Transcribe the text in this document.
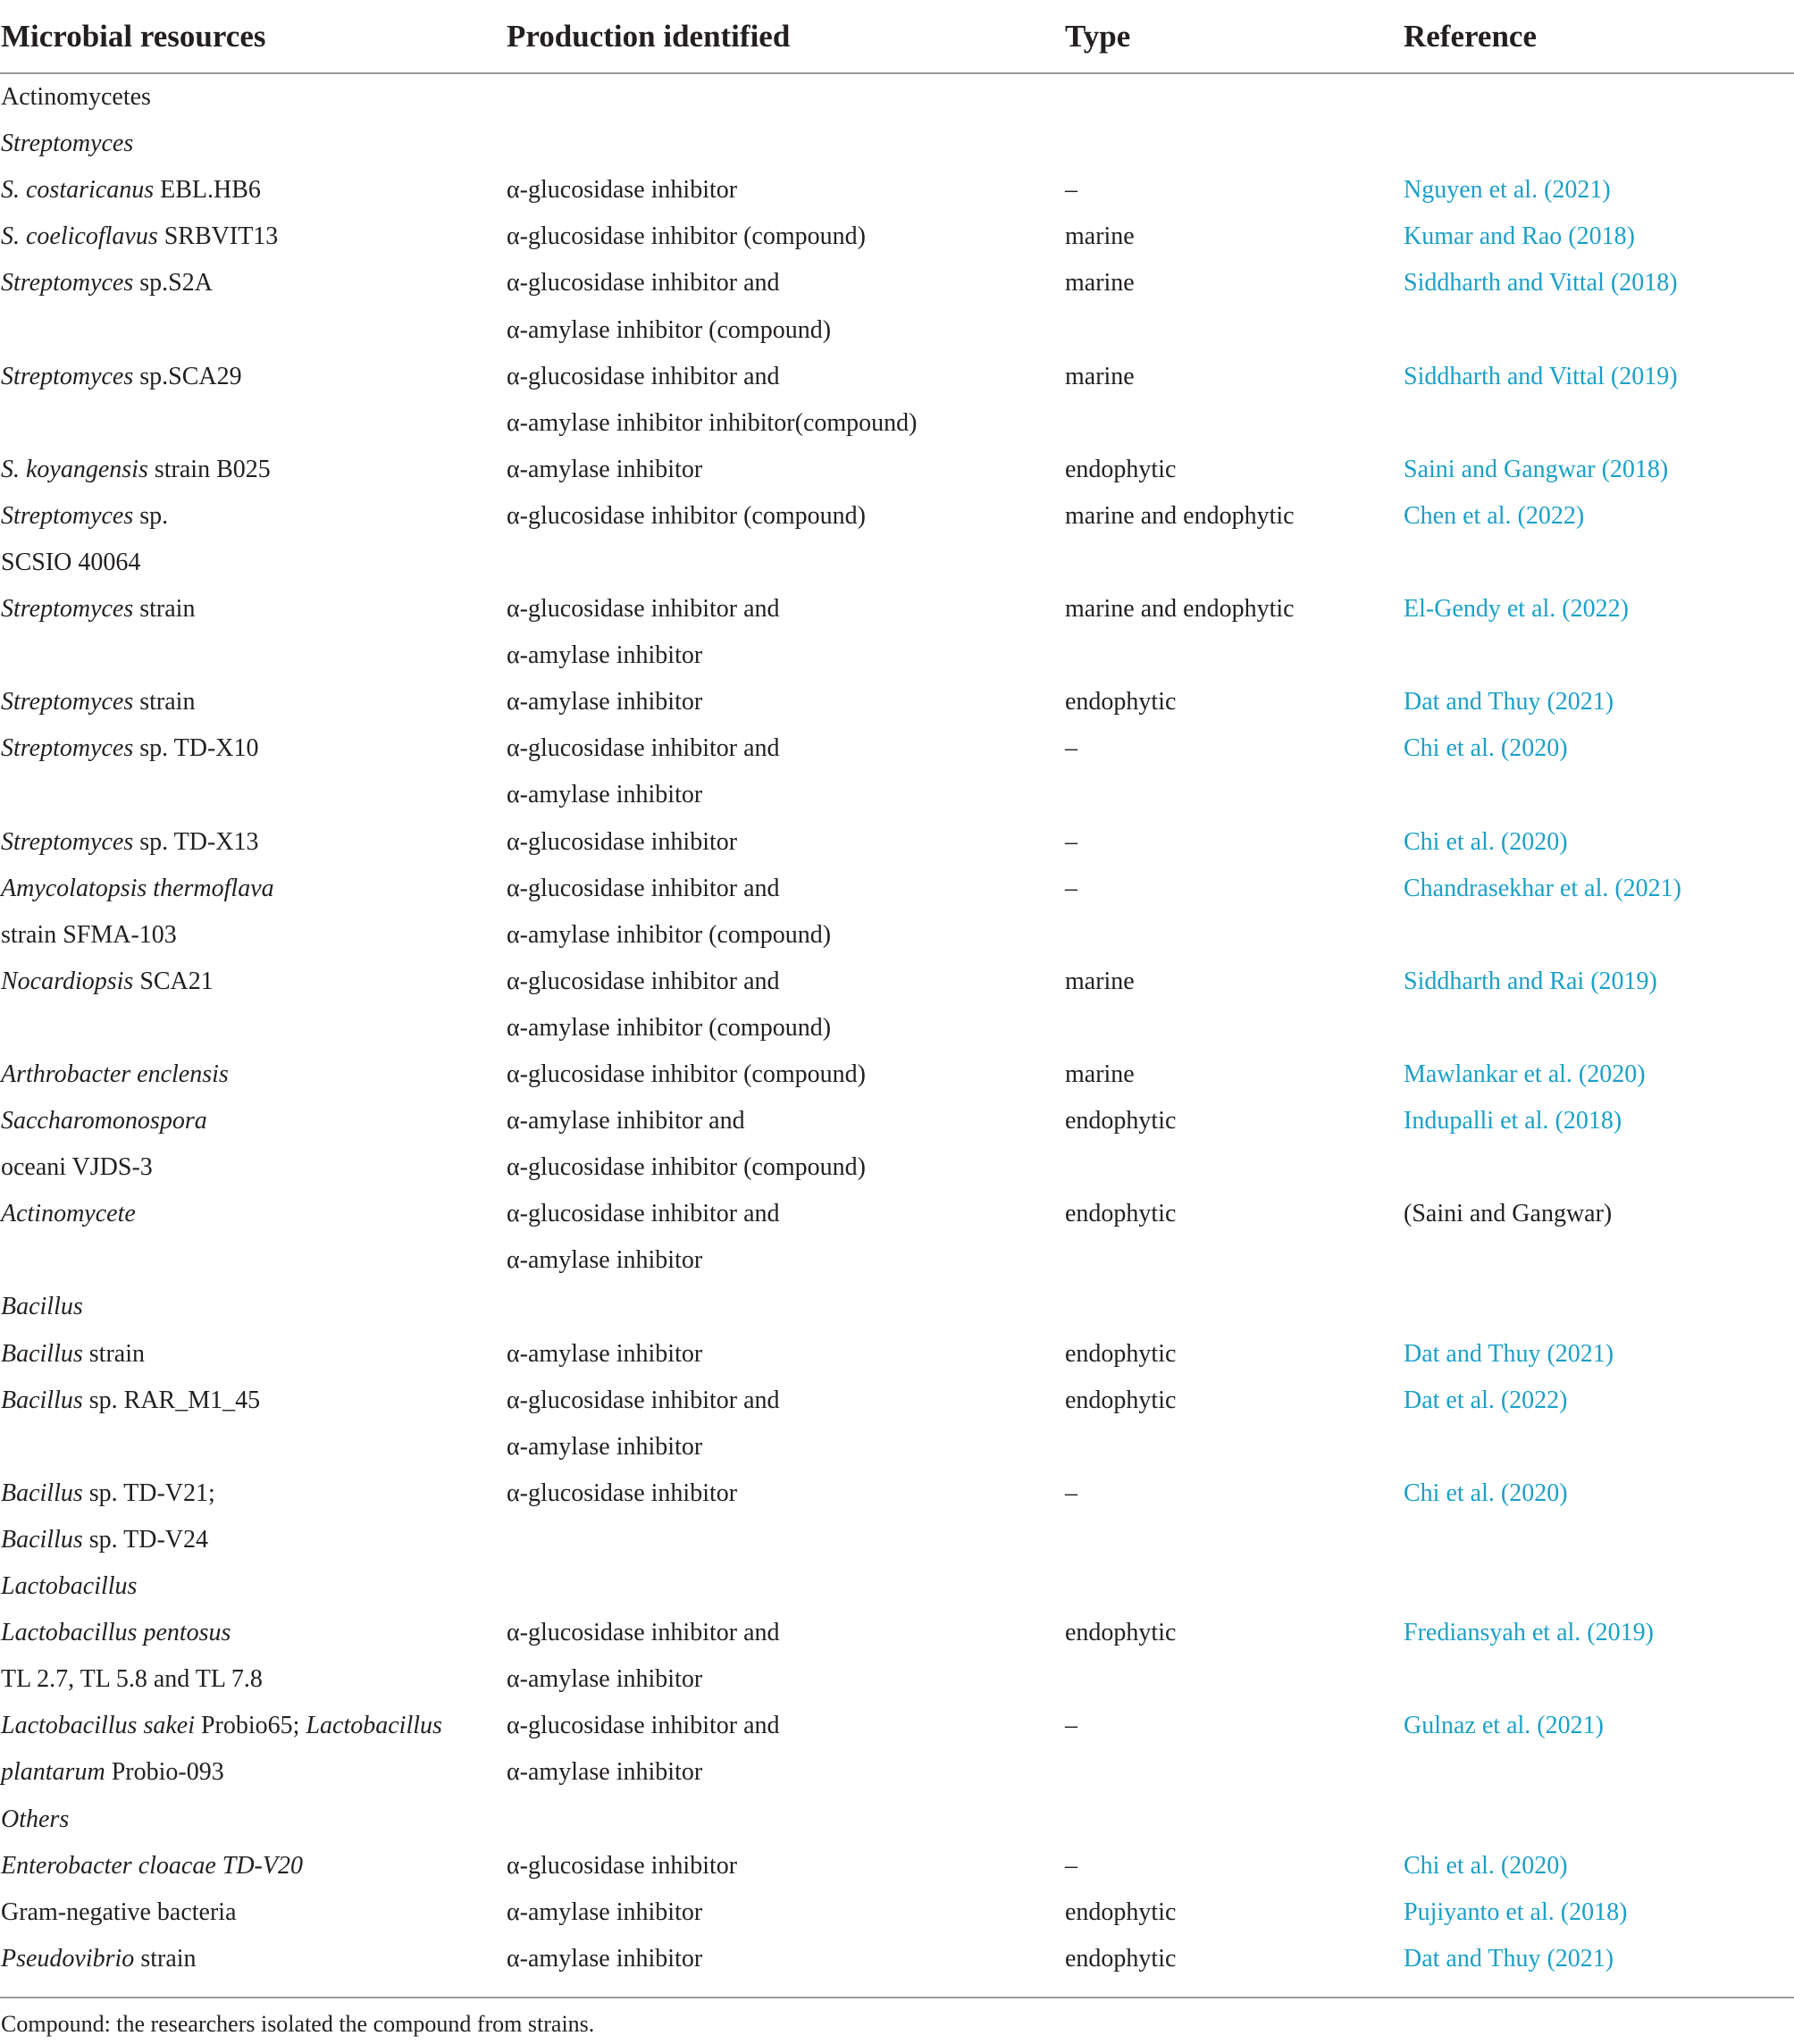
Microbial resources	Production identified	Type	Reference
Actinomycetes			
Streptomyces			
S. costaricanus EBL.HB6	α-glucosidase inhibitor	–	Nguyen et al. (2021)
S. coelicoflavus SRBVIT13	α-glucosidase inhibitor (compound)	marine	Kumar and Rao (2018)
Streptomyces sp.S2A	α-glucosidase inhibitor and	marine	Siddharth and Vittal (2018)
	α-amylase inhibitor (compound)		
Streptomyces sp.SCA29	α-glucosidase inhibitor and	marine	Siddharth and Vittal (2019)
	α-amylase inhibitor inhibitor(compound)		
S. koyangensis strain B025	α-amylase inhibitor	endophytic	Saini and Gangwar (2018)
Streptomyces sp.	α-glucosidase inhibitor (compound)	marine and endophytic	Chen et al. (2022)
SCSIO 40064			
Streptomyces strain	α-glucosidase inhibitor and	marine and endophytic	El-Gendy et al. (2022)
	α-amylase inhibitor		
Streptomyces strain	α-amylase inhibitor	endophytic	Dat and Thuy (2021)
Streptomyces sp. TD-X10	α-glucosidase inhibitor and	–	Chi et al. (2020)
	α-amylase inhibitor		
Streptomyces sp. TD-X13	α-glucosidase inhibitor	–	Chi et al. (2020)
Amycolatopsis thermoflava	α-glucosidase inhibitor and	–	Chandrasekhar et al. (2021)
strain SFMA-103	α-amylase inhibitor (compound)		
Nocardiopsis SCA21	α-glucosidase inhibitor and	marine	Siddharth and Rai (2019)
	α-amylase inhibitor (compound)		
Arthrobacter enclensis	α-glucosidase inhibitor (compound)	marine	Mawlankar et al. (2020)
Saccharomonospora	α-amylase inhibitor and	endophytic	Indupalli et al. (2018)
oceani VJDS-3	α-glucosidase inhibitor (compound)		
Actinomycete	α-glucosidase inhibitor and	endophytic	(Saini and Gangwar)
	α-amylase inhibitor		
Bacillus			
Bacillus strain	α-amylase inhibitor	endophytic	Dat and Thuy (2021)
Bacillus sp. RAR_M1_45	α-glucosidase inhibitor and	endophytic	Dat et al. (2022)
	α-amylase inhibitor		
Bacillus sp. TD-V21;	α-glucosidase inhibitor	–	Chi et al. (2020)
Bacillus sp. TD-V24			
Lactobacillus			
Lactobacillus pentosus	α-glucosidase inhibitor and	endophytic	Frediansyah et al. (2019)
TL 2.7, TL 5.8 and TL 7.8	α-amylase inhibitor		
Lactobacillus sakei Probio65; Lactobacillus	α-glucosidase inhibitor and	–	Gulnaz et al. (2021)
plantarum Probio-093	α-amylase inhibitor		
Others			
Enterobacter cloacae TD-V20	α-glucosidase inhibitor	–	Chi et al. (2020)
Gram-negative bacteria	α-amylase inhibitor	endophytic	Pujiyanto et al. (2018)
Pseudovibrio strain	α-amylase inhibitor	endophytic	Dat and Thuy (2021)
Compound: the researchers isolated the compound from strains.
